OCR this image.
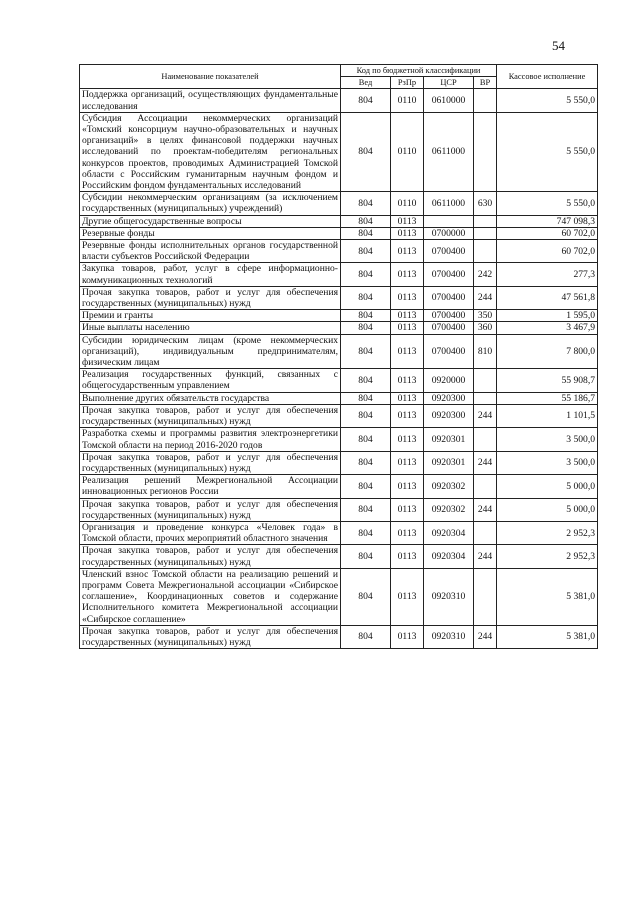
54
Наименование показателей	Код по бюджетной классификации				Кассовое исполнение
	Вед	РзПр	ЦСР	ВР	
Поддержка организаций, осуществляющих фундаментальные исследования	804	0110	0610000		5 550,0
Субсидия Ассоциации некоммерческих организаций «Томский консорциум научно-образовательных и научных организаций» в целях финансовой поддержки научных исследований по проектам-победителям региональных конкурсов проектов, проводимых Администрацией Томской области с Российским гуманитарным научным фондом и Российским фондом фундаментальных исследований	804	0110	0611000		5 550,0
Субсидии некоммерческим организациям (за исключением государственных (муниципальных) учреждений)	804	0110	0611000	630	5 550,0
Другие общегосударственные вопросы	804	0113			747 098,3
Резервные фонды	804	0113	0700000		60 702,0
Резервные фонды исполнительных органов государственной власти субъектов Российской Федерации	804	0113	0700400		60 702,0
Закупка товаров, работ, услуг в сфере информационно-коммуникационных технологий	804	0113	0700400	242	277,3
Прочая закупка товаров, работ и услуг для обеспечения государственных (муниципальных) нужд	804	0113	0700400	244	47 561,8
Премии и гранты	804	0113	0700400	350	1 595,0
Иные выплаты населению	804	0113	0700400	360	3 467,9
Субсидии юридическим лицам (кроме некоммерческих организаций), индивидуальным предпринимателям, физическим лицам	804	0113	0700400	810	7 800,0
Реализация государственных функций, связанных с общегосударственным управлением	804	0113	0920000		55 908,7
Выполнение других обязательств государства	804	0113	0920300		55 186,7
Прочая закупка товаров, работ и услуг для обеспечения государственных (муниципальных) нужд	804	0113	0920300	244	1 101,5
Разработка схемы и программы развития электроэнергетики Томской области на период 2016-2020 годов	804	0113	0920301		3 500,0
Прочая закупка товаров, работ и услуг для обеспечения государственных (муниципальных) нужд	804	0113	0920301	244	3 500,0
Реализация решений Межрегиональной Ассоциации инновационных регионов России	804	0113	0920302		5 000,0
Прочая закупка товаров, работ и услуг для обеспечения государственных (муниципальных) нужд	804	0113	0920302	244	5 000,0
Организация и проведение конкурса «Человек года» в Томской области, прочих мероприятий областного значения	804	0113	0920304		2 952,3
Прочая закупка товаров, работ и услуг для обеспечения государственных (муниципальных) нужд	804	0113	0920304	244	2 952,3
Членский взнос Томской области на реализацию решений и программ Совета Межрегиональной ассоциации «Сибирское соглашение», Координационных советов и содержание Исполнительного комитета Межрегиональной ассоциации «Сибирское соглашение»	804	0113	0920310		5 381,0
Прочая закупка товаров, работ и услуг для обеспечения государственных (муниципальных) нужд	804	0113	0920310	244	5 381,0
